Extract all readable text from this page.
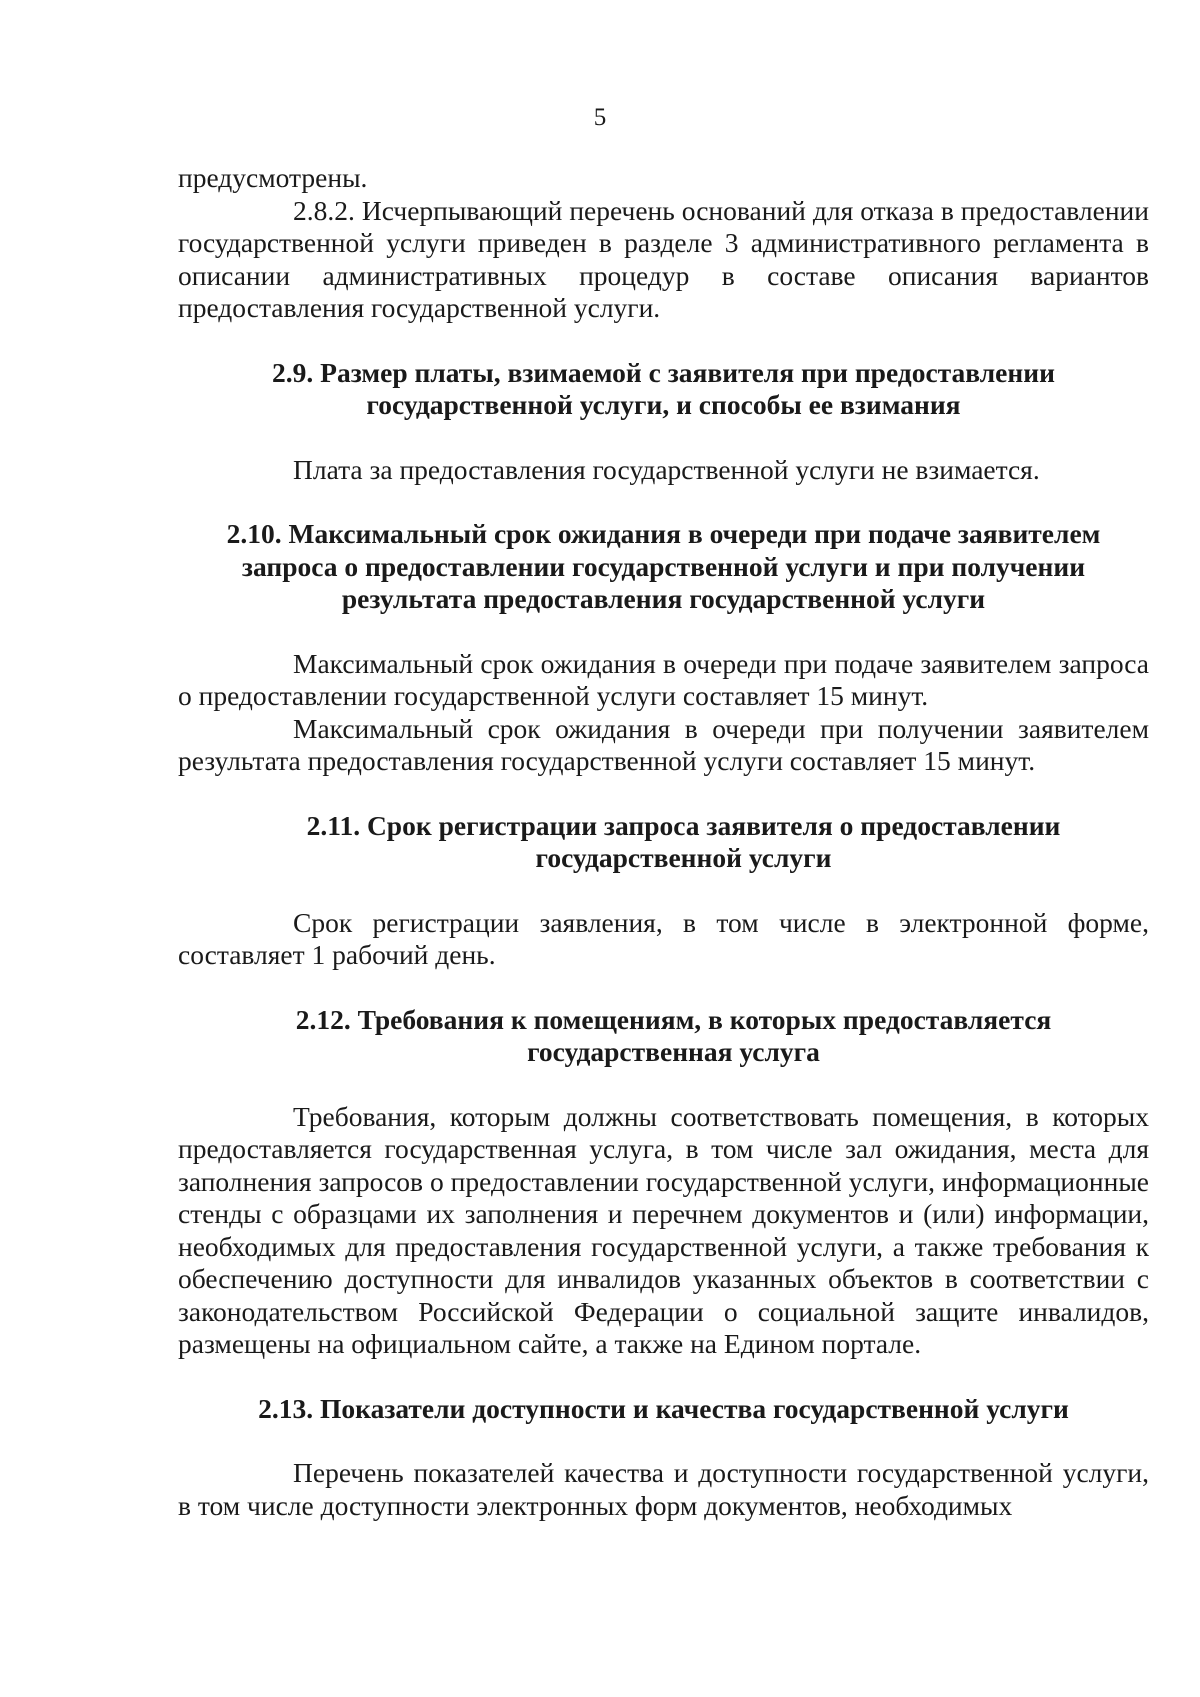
5

предусмотрены.

2.8.2. Исчерпывающий перечень оснований для отказа в предоставлении государственной услуги приведен в разделе 3 административного регламента в описании административных процедур в составе описания вариантов предоставления государственной услуги.

2.9. Размер платы, взимаемой с заявителя при предоставлении государственной услуги, и способы ее взимания

Плата за предоставления государственной услуги не взимается.

2.10. Максимальный срок ожидания в очереди при подаче заявителем запроса о предоставлении государственной услуги и при получении результата предоставления государственной услуги

Максимальный срок ожидания в очереди при подаче заявителем запроса о предоставлении государственной услуги составляет 15 минут.

Максимальный срок ожидания в очереди при получении заявителем результата предоставления государственной услуги составляет 15 минут.

2.11. Срок регистрации запроса заявителя о предоставлении государственной услуги

Срок регистрации заявления, в том числе в электронной форме, составляет 1 рабочий день.

2.12. Требования к помещениям, в которых предоставляется государственная услуга

Требования, которым должны соответствовать помещения, в которых предоставляется государственная услуга, в том числе зал ожидания, места для заполнения запросов о предоставлении государственной услуги, информационные стенды с образцами их заполнения и перечнем документов и (или) информации, необходимых для предоставления государственной услуги, а также требования к обеспечению доступности для инвалидов указанных объектов в соответствии с законодательством Российской Федерации о социальной защите инвалидов, размещены на официальном сайте, а также на Едином портале.

2.13. Показатели доступности и качества государственной услуги

Перечень показателей качества и доступности государственной услуги, в том числе доступности электронных форм документов, необходимых
